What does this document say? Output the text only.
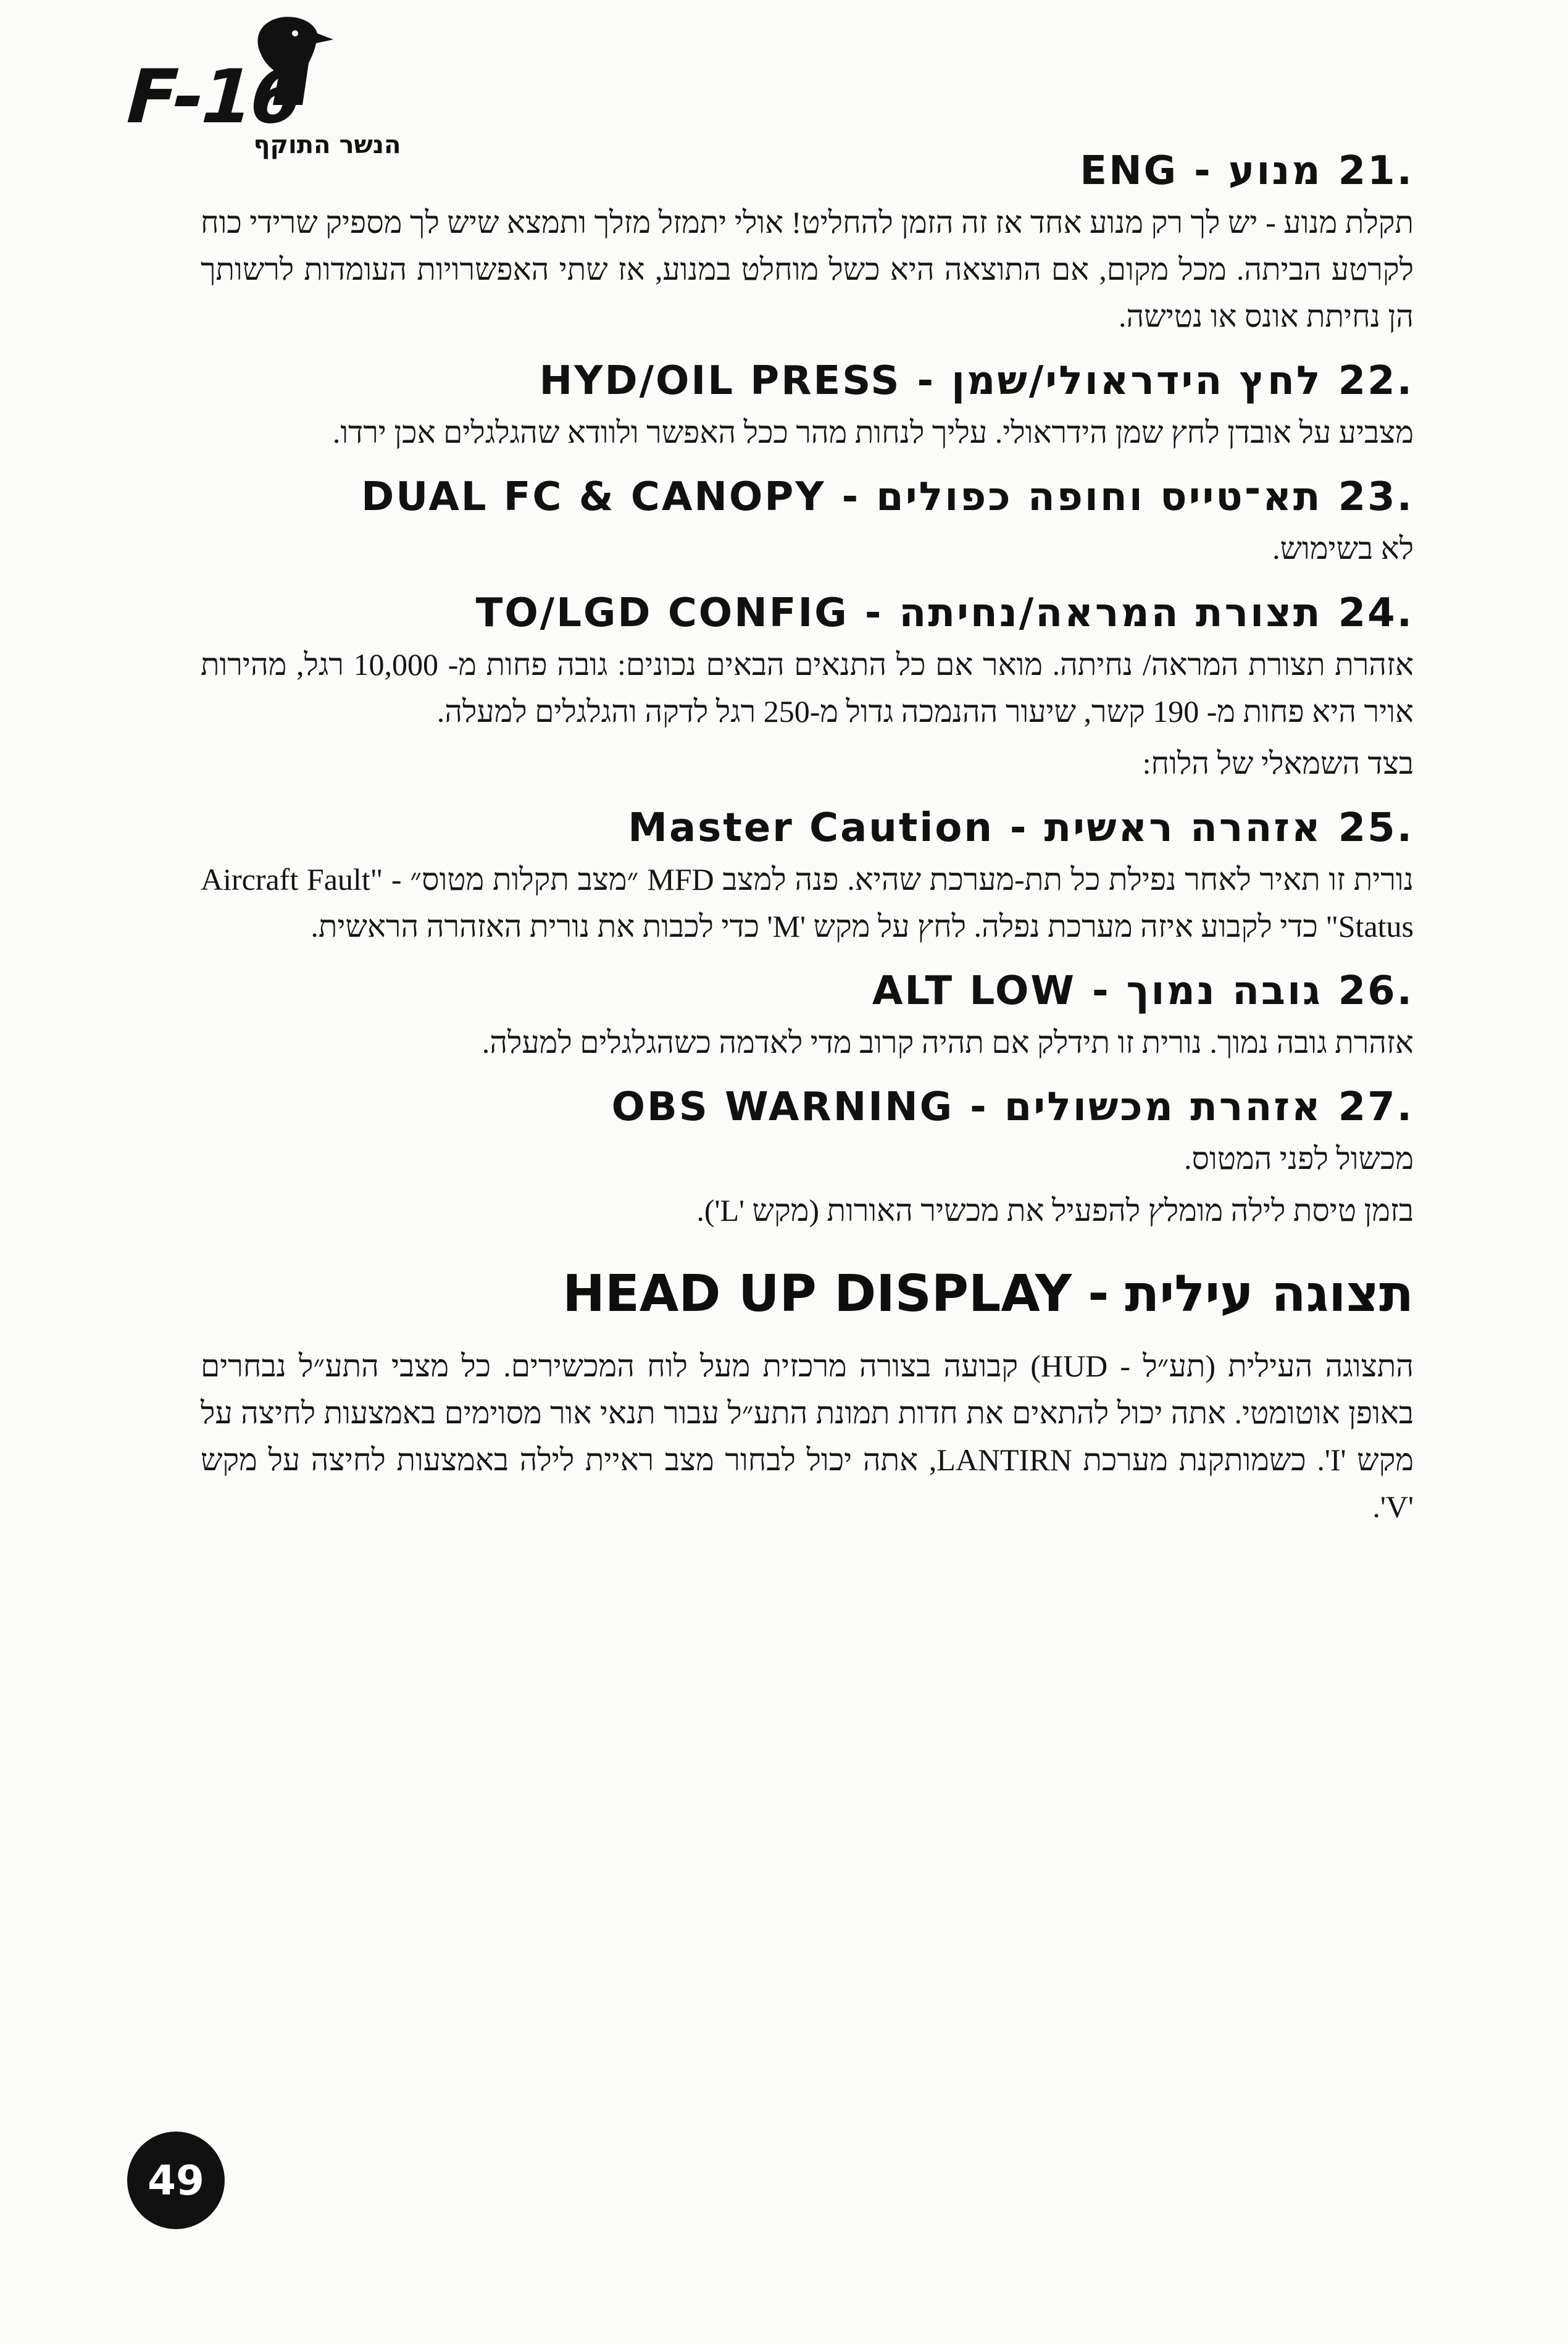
F-16
הנשר התוקף
.21מנוע-ENG

תקלת מנוע - יש לך רק מנוע אחד אז זה הזמן להחליט! אולי יתמזל מזלך ותמצא שיש לך מספיק שרידי כוח לקרטע הביתה. מכל מקום, אם התוצאה היא כשל מוחלט במנוע, אז שתי האפשרויות העומדות לרשותך הן נחיתת אונס או נטישה.

.22לחץ הידראולי/שמן-HYD/OIL PRESS

מצביע על אובדן לחץ שמן הידראולי. עליך לנחות מהר ככל האפשר ולוודא שהגלגלים אכן ירדו.

.23תא־טייס וחופה כפולים-DUAL FC & CANOPY

לא בשימוש.

.24תצורת המראה/נחיתה-TO/LGD CONFIG

אזהרת תצורת המראה/ נחיתה. מואר אם כל התנאים הבאים נכונים: גובה פחות מ- 10,000 רגל, מהירות אויר היא פחות מ- 190 קשר, שיעור ההנמכה גדול מ-250 רגל לדקה והגלגלים למעלה.

בצד השמאלי של הלוח:

.25אזהרה ראשית-Master Caution

נורית זו תאיר לאחר נפילת כל תת-מערכת שהיא. פנה למצב MFD ״מצב תקלות מטוס״ - "Aircraft Fault Status" כדי לקבוע איזה מערכת נפלה. לחץ על מקש 'M' כדי לכבות את נורית האזהרה הראשית.

.26גובה נמוך-ALT LOW

אזהרת גובה נמוך. נורית זו תידלק אם תהיה קרוב מדי לאדמה כשהגלגלים למעלה.

.27אזהרת מכשולים-OBS WARNING

מכשול לפני המטוס.

בזמן טיסת לילה מומלץ להפעיל את מכשיר האורות (מקש 'L').

תצוגה עילית-HEAD UP DISPLAY

התצוגה העילית (תע״ל - HUD) קבועה בצורה מרכזית מעל לוח המכשירים. כל מצבי התע״ל נבחרים באופן אוטומטי. אתה יכול להתאים את חדות תמונת התע״ל עבור תנאי אור מסוימים באמצעות לחיצה על מקש 'I'. כשמותקנת מערכת LANTIRN, אתה יכול לבחור מצב ראיית לילה באמצעות לחיצה על מקש 'V'.

49
